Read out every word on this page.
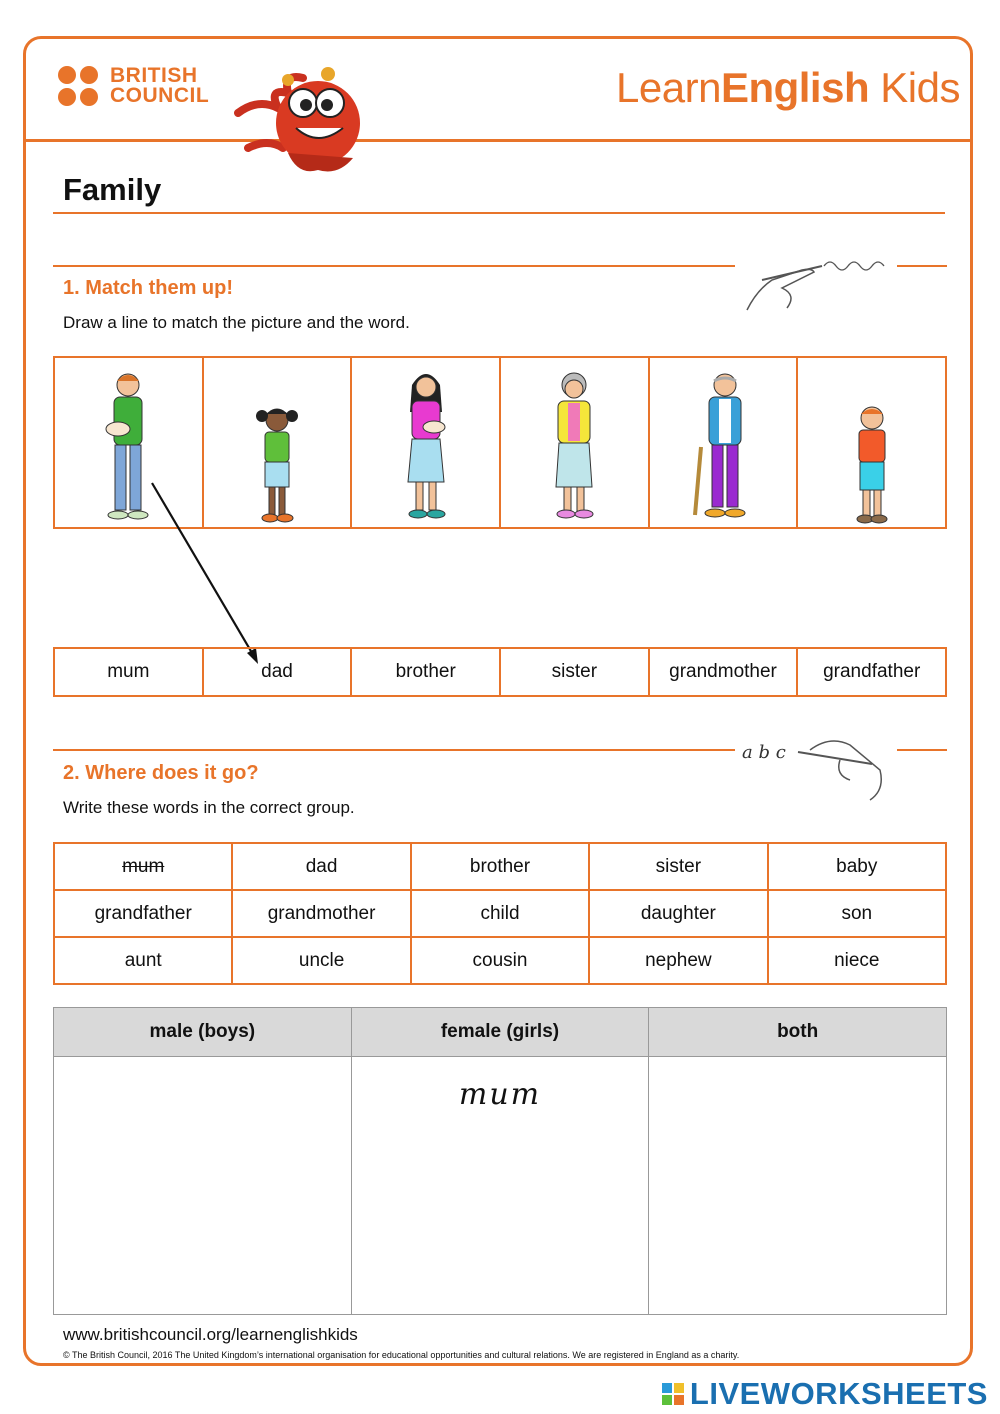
BRITISH
COUNCIL	LearnEnglish Kids
Family
1. Match them up!
Draw a line to match the picture and the word.
mum	dad	brother	sister	grandmother	grandfather
a b c
2. Where does it go?
Write these words in the correct group.
mum	dad	brother	sister	baby
grandfather	grandmother	child	daughter	son
aunt	uncle	cousin	nephew	niece
male (boys)	female (girls)	both

	mum	

www.britishcouncil.org/learnenglishkids
© The British Council, 2016 The United Kingdom’s international organisation for educational opportunities and cultural relations. We are registered in England as a charity.
LIVEWORKSHEETS
